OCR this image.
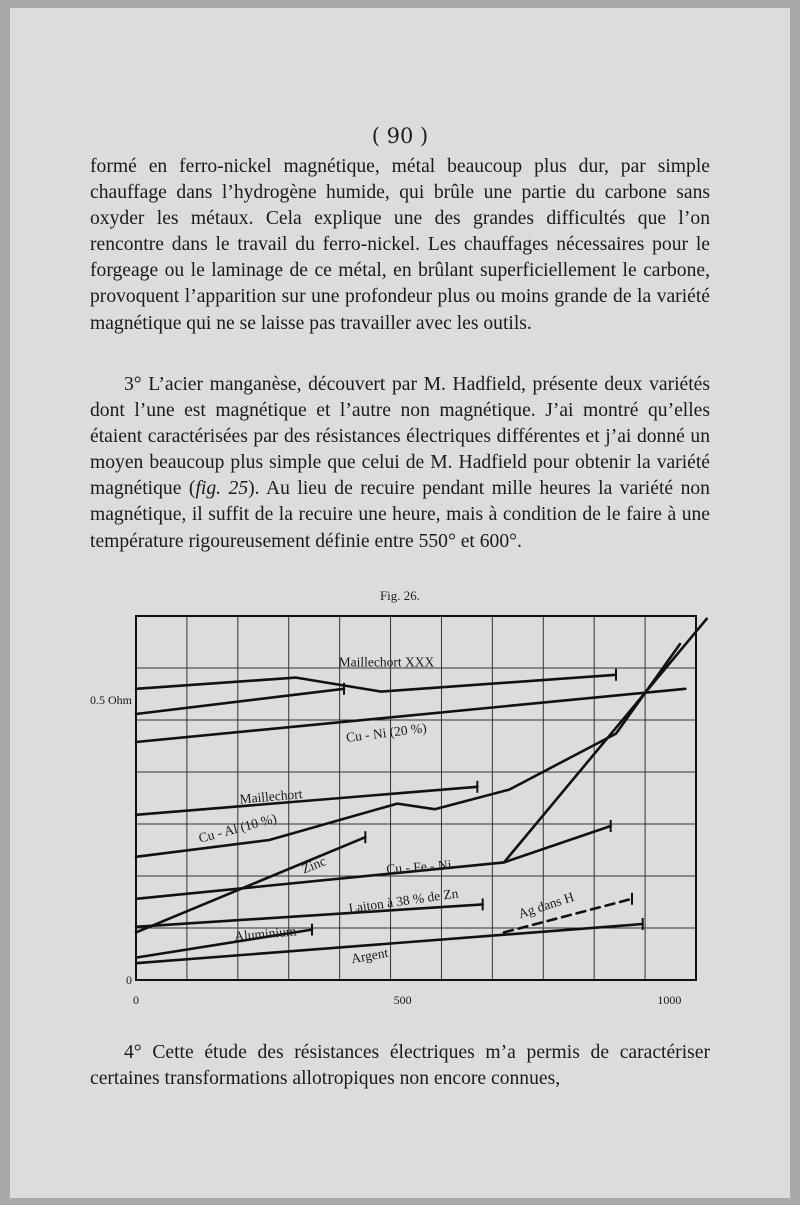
( 90 )

formé en ferro-nickel magnétique, métal beaucoup plus dur, par simple chauffage dans l’hydrogène humide, qui brûle une partie du carbone sans oxyder les métaux. Cela explique une des grandes difficultés que l’on rencontre dans le travail du ferro-nickel. Les chauffages nécessaires pour le forgeage ou le laminage de ce métal, en brûlant superficiellement le carbone, provoquent l’apparition sur une profondeur plus ou moins grande de la variété magnétique qui ne se laisse pas travailler avec les outils.

3° L’acier manganèse, découvert par M. Hadfield, présente deux variétés dont l’une est magnétique et l’autre non magnétique. J’ai montré qu’elles étaient caractérisées par des résistances électriques différentes et j’ai donné un moyen beaucoup plus simple que celui de M. Hadfield pour obtenir la variété magnétique (fig. 25). Au lieu de recuire pendant mille heures la variété non magnétique, il suffit de la recuire une heure, mais à condition de le faire à une température rigoureusement définie entre 550° et 600°.

Fig. 26.
0	500	1000
0
0.5 Ohm
Maillechort XXX
Cu - Ni (20 %)
Maillechort
Cu - Al (10 %)
Zinc	Cu - Fe - Ni
Laiton à 38 % de Zn
Aluminium
Argent
Ag dans H

4° Cette étude des résistances électriques m’a permis de caractériser certaines transformations allotropiques non encore connues,
